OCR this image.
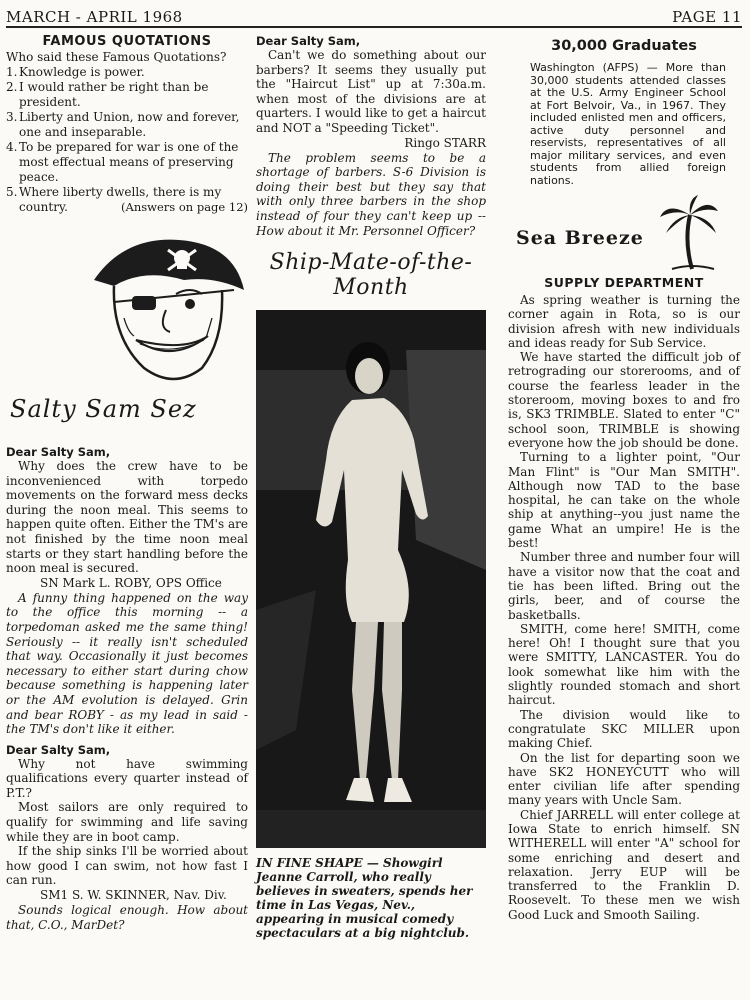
MARCH - APRIL 1968	PAGE 11
FAMOUS QUOTATIONS
Who said these Famous Quotations?
1. Knowledge is power.
2. I would rather be right than be president.
3. Liberty and Union, now and forever, one and inseparable.
4. To be prepared for war is one of the most effectual means of preserving peace.
5. Where liberty dwells, there is my country.	(Answers on page 12)
Salty Sam Sez
Dear Salty Sam,
Why does the crew have to be inconvenienced with torpedo movements on the forward mess decks during the noon meal. This seems to happen quite often. Either the TM's are not finished by the time noon meal starts or they start handling before the noon meal is secured.
SN Mark L. ROBY, OPS Office
A funny thing happened on the way to the office this morning -- a torpedoman asked me the same thing! Seriously -- it really isn't scheduled that way. Occasionally it just becomes necessary to either start during chow because something is happening later or the AM evolution is delayed. Grin and bear ROBY - as my lead in said - the TM's don't like it either.
Dear Salty Sam,
Why not have swimming qualifications every quarter instead of P.T.?
Most sailors are only required to qualify for swimming and life saving while they are in boot camp.
If the ship sinks I'll be worried about how good I can swim, not how fast I can run.
SM1 S. W. SKINNER, Nav. Div.
Sounds logical enough. How about that, C.O., MarDet?
Dear Salty Sam,
Can't we do something about our barbers? It seems they usually put the "Haircut List" up at 7:30a.m. when most of the divisions are at quarters. I would like to get a haircut and NOT a "Speeding Ticket".
Ringo STARR
The problem seems to be a shortage of barbers. S-6 Division is doing their best but they say that with only three barbers in the shop instead of four they can't keep up -- How about it Mr. Personnel Officer?
Ship-Mate-of-the-Month
IN FINE SHAPE — Showgirl Jeanne Carroll, who really believes in sweaters, spends her time in Las Vegas, Nev., appearing in musical comedy spectaculars at a big nightclub.
30,000 Graduates
Washington (AFPS) — More than 30,000 students attended classes at the U.S. Army Engineer School at Fort Belvoir, Va., in 1967. They included enlisted men and officers, active duty personnel and reservists, representatives of all major military services, and even students from allied foreign nations.
Sea Breeze
SUPPLY DEPARTMENT
As spring weather is turning the corner again in Rota, so is our division afresh with new individuals and ideas ready for Sub Service.
We have started the difficult job of retrograding our storerooms, and of course the fearless leader in the storeroom, moving boxes to and fro is, SK3 TRIMBLE. Slated to enter "C" school soon, TRIMBLE is showing everyone how the job should be done.
Turning to a lighter point, "Our Man Flint" is "Our Man SMITH". Although now TAD to the base hospital, he can take on the whole ship at anything--you just name the game What an umpire! He is the best!
Number three and number four will have a visitor now that the coat and tie has been lifted. Bring out the girls, beer, and of course the basketballs.
SMITH, come here! SMITH, come here! Oh! I thought sure that you were SMITTY, LANCASTER. You do look somewhat like him with the slightly rounded stomach and short haircut.
The division would like to congratulate SKC MILLER upon making Chief.
On the list for departing soon we have SK2 HONEYCUTT who will enter civilian life after spending many years with Uncle Sam.
Chief JARRELL will enter college at Iowa State to enrich himself. SN WITHERELL will enter "A" school for some enriching and desert and relaxation. Jerry EUP will be transferred to the Franklin D. Roosevelt. To these men we wish Good Luck and Smooth Sailing.
